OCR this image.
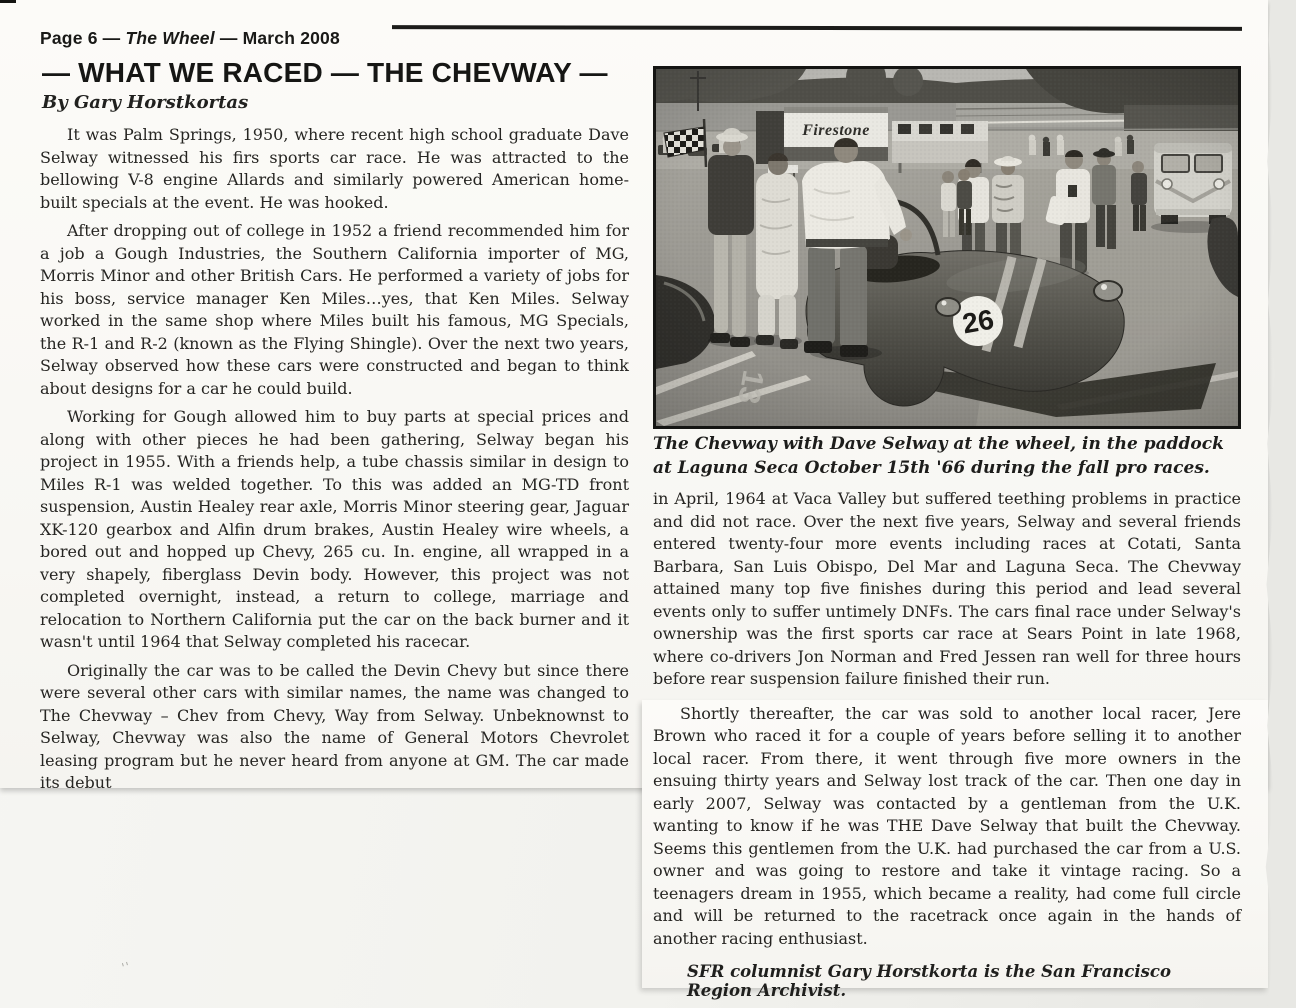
Page 6 — The Wheel — March 2008
— WHAT WE RACED — THE CHEVWAY —
By Gary Horstkortas

It was Palm Springs, 1950, where recent high school graduate Dave Selway witnessed his firs sports car race. He was attracted to the bellowing V-8 engine Allards and similarly powered American home-built specials at the event. He was hooked.

After dropping out of college in 1952 a friend recommended him for a job a Gough Industries, the Southern California importer of MG, Morris Minor and other British Cars. He performed a variety of jobs for his boss, service manager Ken Miles…yes, that Ken Miles. Selway worked in the same shop where Miles built his famous, MG Specials, the R-1 and R-2 (known as the Flying Shingle). Over the next two years, Selway observed how these cars were constructed and began to think about designs for a car he could build.

Working for Gough allowed him to buy parts at special prices and along with other pieces he had been gathering, Selway began his project in 1955. With a friends help, a tube chassis similar in design to Miles R-1 was welded together. To this was added an MG-TD front suspension, Austin Healey rear axle, Morris Minor steering gear, Jaguar XK-120 gearbox and Alfin drum brakes, Austin Healey wire wheels, a bored out and hopped up Chevy, 265 cu. In. engine, all wrapped in a very shapely, fiberglass Devin body. However, this project was not completed overnight, instead, a return to college, marriage and relocation to Northern California put the car on the back burner and it wasn't until 1964 that Selway completed his racecar.

Originally the car was to be called the Devin Chevy but since there were several other cars with similar names, the name was changed to The Chevway – Chev from Chevy, Way from Selway. Unbeknownst to Selway, Chevway was also the name of General Motors Chevrolet leasing program but he never heard from anyone at GM. The car made its debut

The Chevway with Dave Selway at the wheel, in the paddock at Laguna Seca October 15th '66 during the fall pro races.

in April, 1964 at Vaca Valley but suffered teething problems in practice and did not race. Over the next five years, Selway and several friends entered twenty-four more events including races at Cotati, Santa Barbara, San Luis Obispo, Del Mar and Laguna Seca. The Chevway attained many top five finishes during this period and lead several events only to suffer untimely DNFs. The cars final race under Selway's ownership was the first sports car race at Sears Point in late 1968, where co-drivers Jon Norman and Fred Jessen ran well for three hours before rear suspension failure finished their run.

Shortly thereafter, the car was sold to another local racer, Jere Brown who raced it for a couple of years before selling it to another local racer. From there, it went through five more owners in the ensuing thirty years and Selway lost track of the car. Then one day in early 2007, Selway was contacted by a gentleman from the U.K. wanting to know if he was THE Dave Selway that built the Chevway. Seems this gentlemen from the U.K. had purchased the car from a U.S. owner and was going to restore and take it vintage racing. So a teenagers dream in 1955, which became a reality, had come full circle and will be returned to the racetrack once again in the hands of another racing enthusiast.

SFR columnist Gary Horstkorta is the San Francisco Region Archivist.
''
